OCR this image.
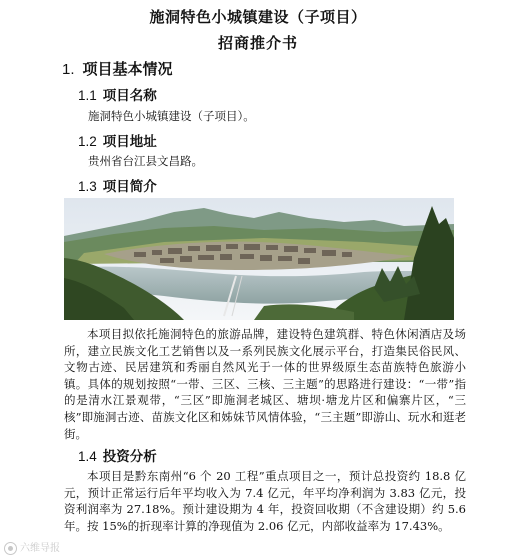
施洞特色小城镇建设（子项目）
招商推介书
1. 项目基本情况
1.1 项目名称
施洞特色小城镇建设（子项目）。
1.2 项目地址
贵州省台江县文昌路。
1.3 项目简介

本项目拟依托施洞特色的旅游品牌，建设特色建筑群、特色休闲酒店及场所，建立民族文化工艺销售以及一系列民族文化展示平台，打造集民俗民风、文物古迹、民居建筑和秀丽自然风光于一体的世界级原生态苗族特色旅游小镇。具体的规划按照“一带、三区、三核、三主题”的思路进行建设：“一带”指的是清水江景观带，“三区”即施洞老城区、塘坝·塘龙片区和偏寨片区，“三核”即施洞古迹、苗族文化区和姊妹节风情体验，“三主题”即游山、玩水和逛老街。

1.4 投资分析

本项目是黔东南州“6 个 20 工程”重点项目之一，预计总投资约 18.8 亿元，预计正常运行后年平均收入为 7.4 亿元，年平均净利润为 3.83 亿元，投资利润率为 27.18%。预计建设期为 4 年，投资回收期（不含建设期）约 5.6 年。按 15%的折现率计算的净现值为 2.06 亿元，内部收益率为 17.43%。

六维导报
